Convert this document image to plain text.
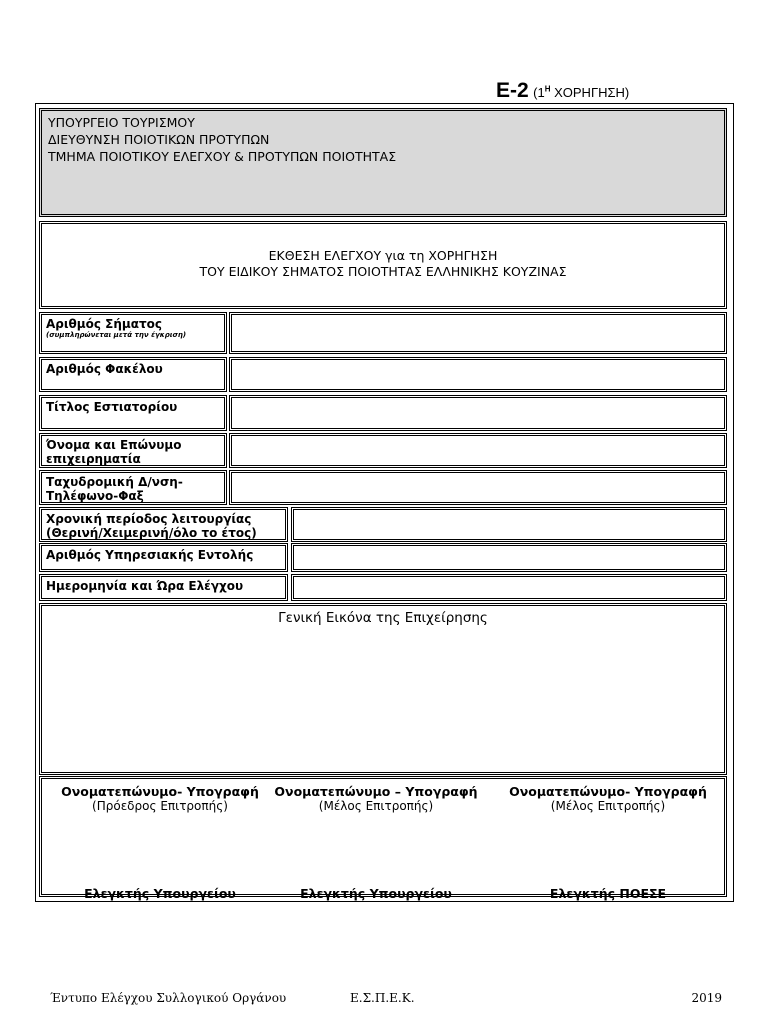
E-2 ($1^H$ ΧΟΡΗΓΗΣΗ)
ΥΠΟΥΡΓΕΙΟ ΤΟΥΡΙΣΜΟΥ
ΔΙΕΥΘΥΝΣΗ ΠΟΙΟΤΙΚΩΝ ΠΡΟΤΥΠΩΝ
ΤΜΗΜΑ ΠΟΙΟΤΙΚΟΥ ΕΛΕΓΧΟΥ & ΠΡΟΤΥΠΩΝ ΠΟΙΟΤΗΤΑΣ
ΕΚΘΕΣΗ ΕΛΕΓΧΟΥ για τη ΧΟΡΗΓΗΣΗ
ΤΟΥ ΕΙΔΙΚΟΥ ΣΗΜΑΤΟΣ ΠΟΙΟΤΗΤΑΣ ΕΛΛΗΝΙΚΗΣ ΚΟΥΖΙΝΑΣ
Αριθμός Σήματος
(συμπληρώνεται μετά την έγκριση)
Αριθμός Φακέλου
Τίτλος Εστιατορίου
Όνομα και Επώνυμο επιχειρηματία
Ταχυδρομική Δ/νση-Τηλέφωνο-Φαξ
Χρονική περίοδος λειτουργίας (Θερινή/Χειμερινή/όλο το έτος)
Αριθμός Υπηρεσιακής Εντολής
Ημερομηνία και Ώρα Ελέγχου
Γενική Εικόνα της Επιχείρησης
Ονοματεπώνυμο- Υπογραφή
(Πρόεδρος Επιτροπής)
Ελεγκτής Υπουργείου
Ονοματεπώνυμο – Υπογραφή
(Μέλος Επιτροπής)
Ελεγκτής Υπουργείου
Ονοματεπώνυμο- Υπογραφή
(Μέλος Επιτροπής)
Ελεγκτής ΠΟΕΣΕ
Έντυπο Ελέγχου Συλλογικού Οργάνου	Ε.Σ.Π.Ε.Κ.	2019
